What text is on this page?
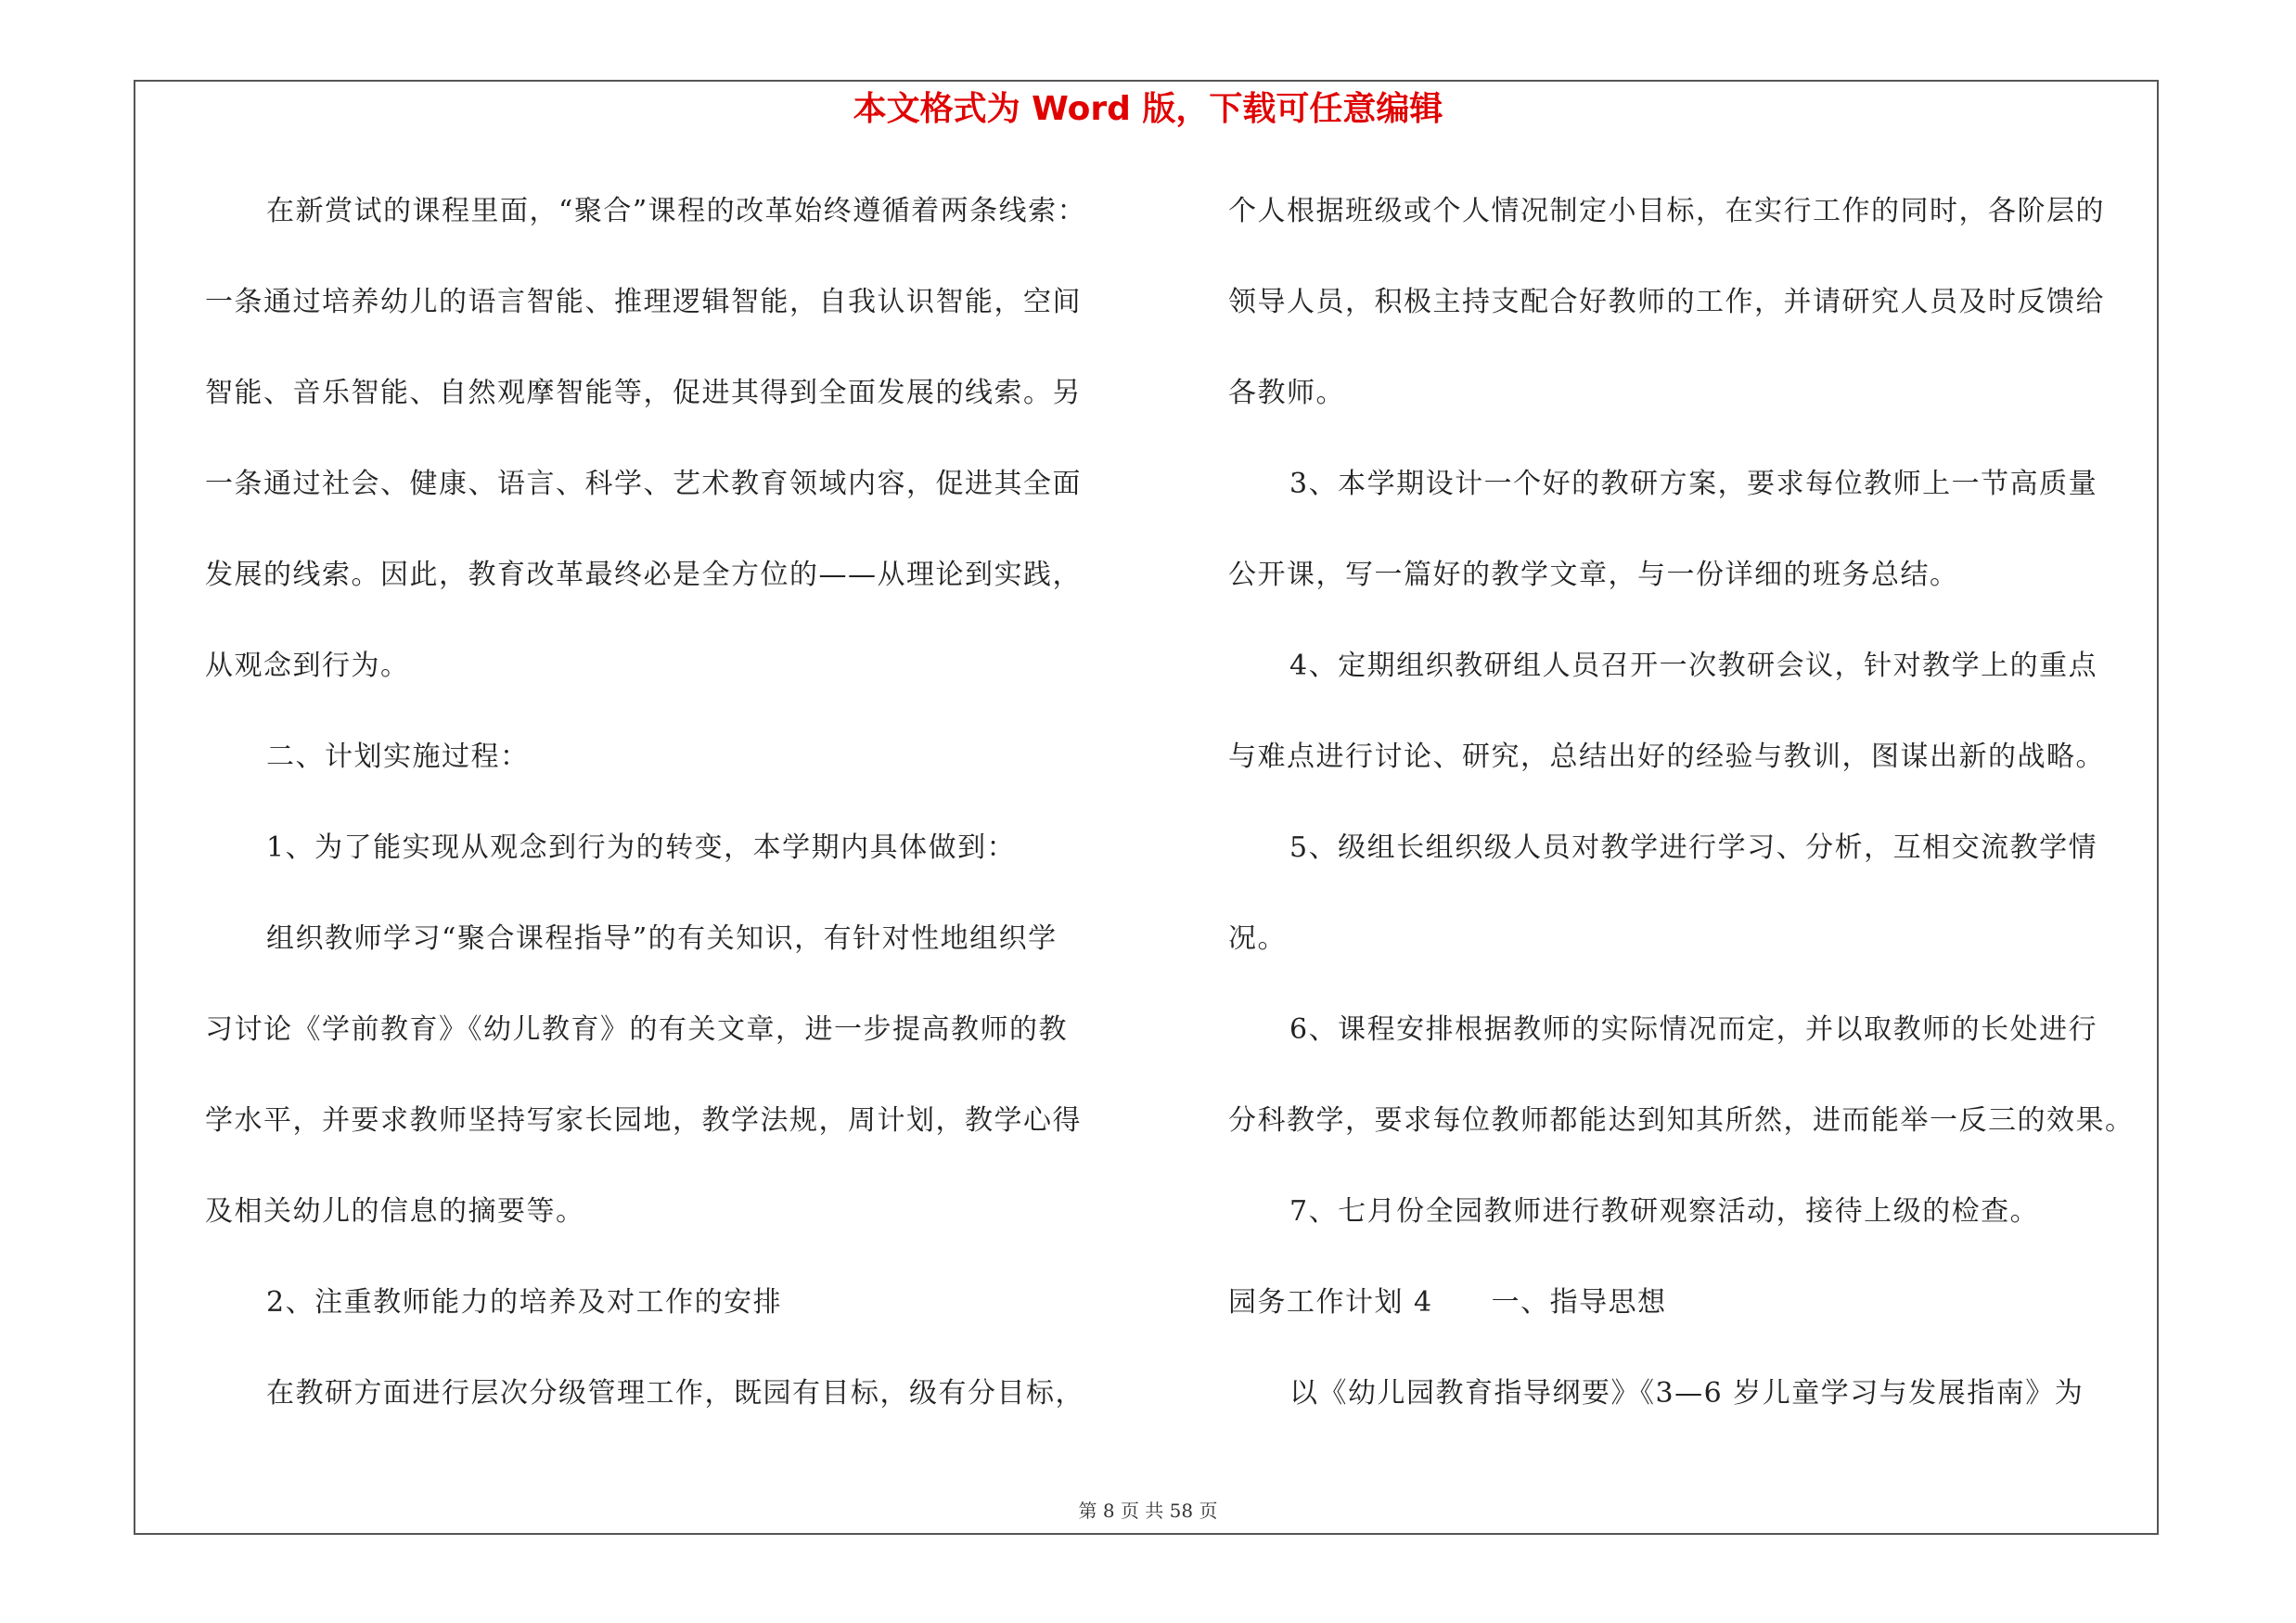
本文格式为 Word 版，下载可任意编辑
在新赏试的课程里面，“聚合”课程的改革始终遵循着两条线索：
一条通过培养幼儿的语言智能、推理逻辑智能，自我认识智能，空间
智能、音乐智能、自然观摩智能等，促进其得到全面发展的线索。另
一条通过社会、健康、语言、科学、艺术教育领域内容，促进其全面
发展的线索。因此，教育改革最终必是全方位的——从理论到实践，
从观念到行为。
二、计划实施过程：
1、为了能实现从观念到行为的转变，本学期内具体做到：
组织教师学习“聚合课程指导”的有关知识，有针对性地组织学
习讨论《学前教育》《幼儿教育》的有关文章，进一步提高教师的教
学水平，并要求教师坚持写家长园地，教学法规，周计划，教学心得
及相关幼儿的信息的摘要等。
2、注重教师能力的培养及对工作的安排
在教研方面进行层次分级管理工作，既园有目标，级有分目标，
个人根据班级或个人情况制定小目标，在实行工作的同时，各阶层的
领导人员，积极主持支配合好教师的工作，并请研究人员及时反馈给
各教师。
3、本学期设计一个好的教研方案，要求每位教师上一节高质量
公开课，写一篇好的教学文章，与一份详细的班务总结。
4、定期组织教研组人员召开一次教研会议，针对教学上的重点
与难点进行讨论、研究，总结出好的经验与教训，图谋出新的战略。
5、级组长组织级人员对教学进行学习、分析，互相交流教学情
况。
6、课程安排根据教师的实际情况而定，并以取教师的长处进行
分科教学，要求每位教师都能达到知其所然，进而能举一反三的效果。
7、七月份全园教师进行教研观察活动，接待上级的检查。
园务工作计划 4　　一、指导思想
以《幼儿园教育指导纲要》《3—6 岁儿童学习与发展指南》为
第 8 页 共 58 页
